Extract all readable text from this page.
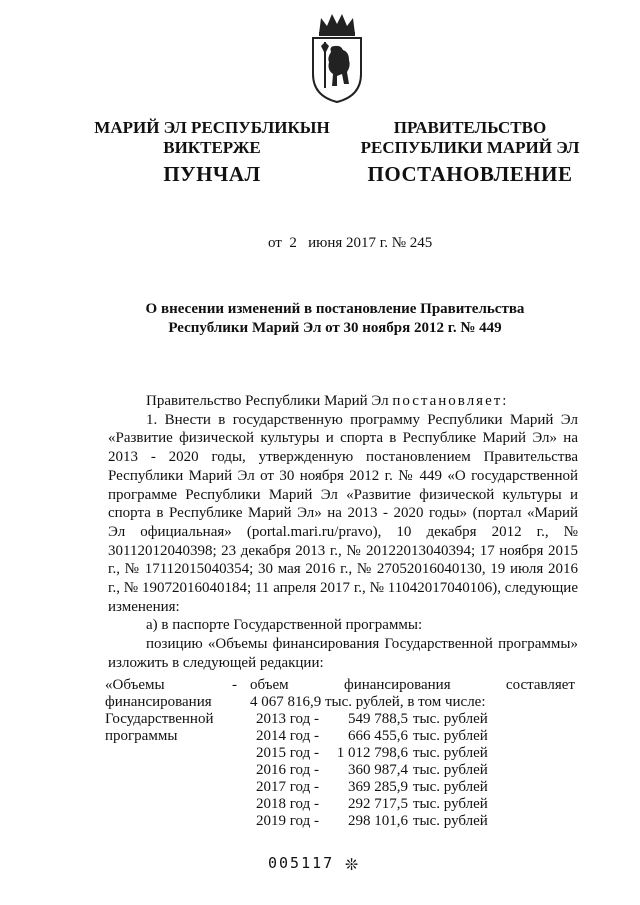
МАРИЙ ЭЛ РЕСПУБЛИКЫН
ВИКТЕРЖЕ
ПУНЧАЛ
ПРАВИТЕЛЬСТВО
РЕСПУБЛИКИ МАРИЙ ЭЛ
ПОСТАНОВЛЕНИЕ
от  2   июня 2017 г. № 245
О внесении изменений в постановление Правительства
Республики Марий Эл от 30 ноября 2012 г. № 449

Правительство Республики Марий Эл постановляет:

1. Внести в государственную программу Республики Марий Эл «Развитие физической культуры и спорта в Республике Марий Эл» на 2013 - 2020 годы, утвержденную постановлением Правительства Республики Марий Эл от 30 ноября 2012 г. № 449 «О государственной программе Республики Марий Эл «Развитие физической культуры и спорта в Республике Марий Эл» на 2013 - 2020 годы» (портал «Марий Эл официальная» (portal.mari.ru/pravo), 10 декабря 2012 г., № 30112012040398; 23 декабря 2013 г., № 20122013040394; 17 ноября 2015 г., № 17112015040354; 30 мая 2016 г., № 27052016040130, 19 июля 2016 г., № 19072016040184; 11 апреля 2017 г., № 11042017040106), следующие изменения:

а) в паспорте Государственной программы:

позицию «Объемы финансирования Государственной программы» изложить в следующей редакции:

«Объемы
финансирования
Государственной
программы
- объем	финансирования	составляет
4 067 816,9 тыс. рублей, в том числе:
2013 год -	549 788,5 тыс. рублей
2014 год -	666 455,6 тыс. рублей
2015 год -	1 012 798,6 тыс. рублей
2016 год -	360 987,4 тыс. рублей
2017 год -	369 285,9 тыс. рублей
2018 год -	292 717,5 тыс. рублей
2019 год -	298 101,6 тыс. рублей
005117 ❊
